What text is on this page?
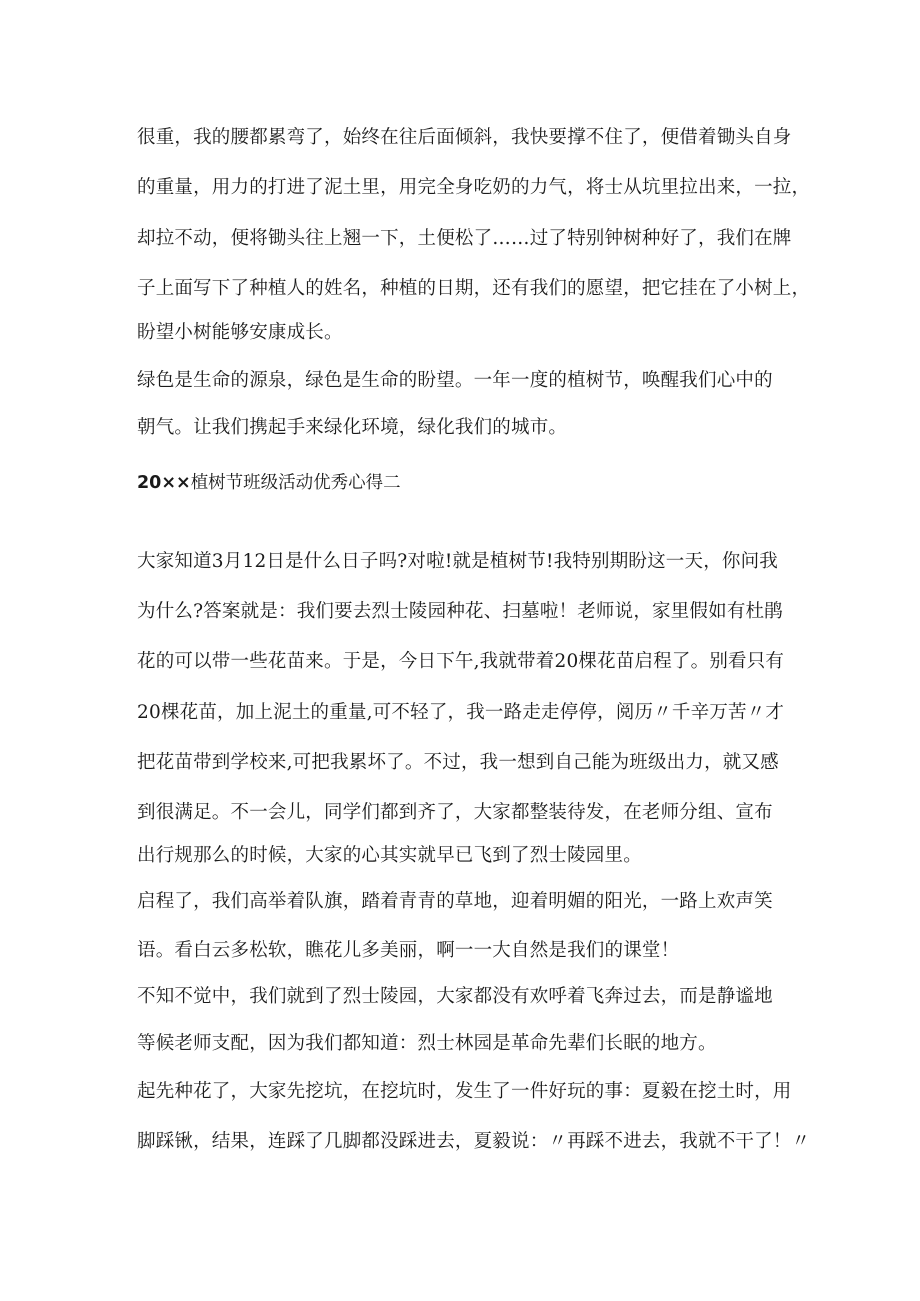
很重，我的腰都累弯了，始终在往后面倾斜，我快要撑不住了，便借着锄头自身
的重量，用力的打进了泥土里，用完全身吃奶的力气，将士从坑里拉出来，一拉，
却拉不动，便将锄头往上翘一下，土便松了……过了特别钟树种好了，我们在牌
子上面写下了种植人的姓名，种植的日期，还有我们的愿望，把它挂在了小树上，
盼望小树能够安康成长。
绿色是生命的源泉，绿色是生命的盼望。一年一度的植树节，唤醒我们心中的
朝气。让我们携起手来绿化环境，绿化我们的城市。
20××植树节班级活动优秀心得二
大家知道3月12日是什么日子吗?对啦!就是植树节!我特别期盼这一天，你问我
为什么?答案就是：我们要去烈士陵园种花、扫墓啦！老师说，家里假如有杜鹃
花的可以带一些花苗来。于是，今日下午,我就带着20棵花苗启程了。别看只有
20棵花苗，加上泥土的重量,可不轻了，我一路走走停停，阅历〃千辛万苦〃才
把花苗带到学校来,可把我累坏了。不过，我一想到自己能为班级出力，就又感
到很满足。不一会儿，同学们都到齐了，大家都整装待发，在老师分组、宣布
出行规那么的时候，大家的心其实就早已飞到了烈士陵园里。
启程了，我们高举着队旗，踏着青青的草地，迎着明媚的阳光，一路上欢声笑
语。看白云多松软，瞧花儿多美丽，啊一一大自然是我们的课堂！
不知不觉中，我们就到了烈士陵园，大家都没有欢呼着飞奔过去，而是静谧地
等候老师支配，因为我们都知道：烈士林园是革命先辈们长眠的地方。
起先种花了，大家先挖坑，在挖坑时，发生了一件好玩的事：夏毅在挖土时，用
脚踩锹，结果，连踩了几脚都没踩进去，夏毅说：〃再踩不进去，我就不干了！〃
